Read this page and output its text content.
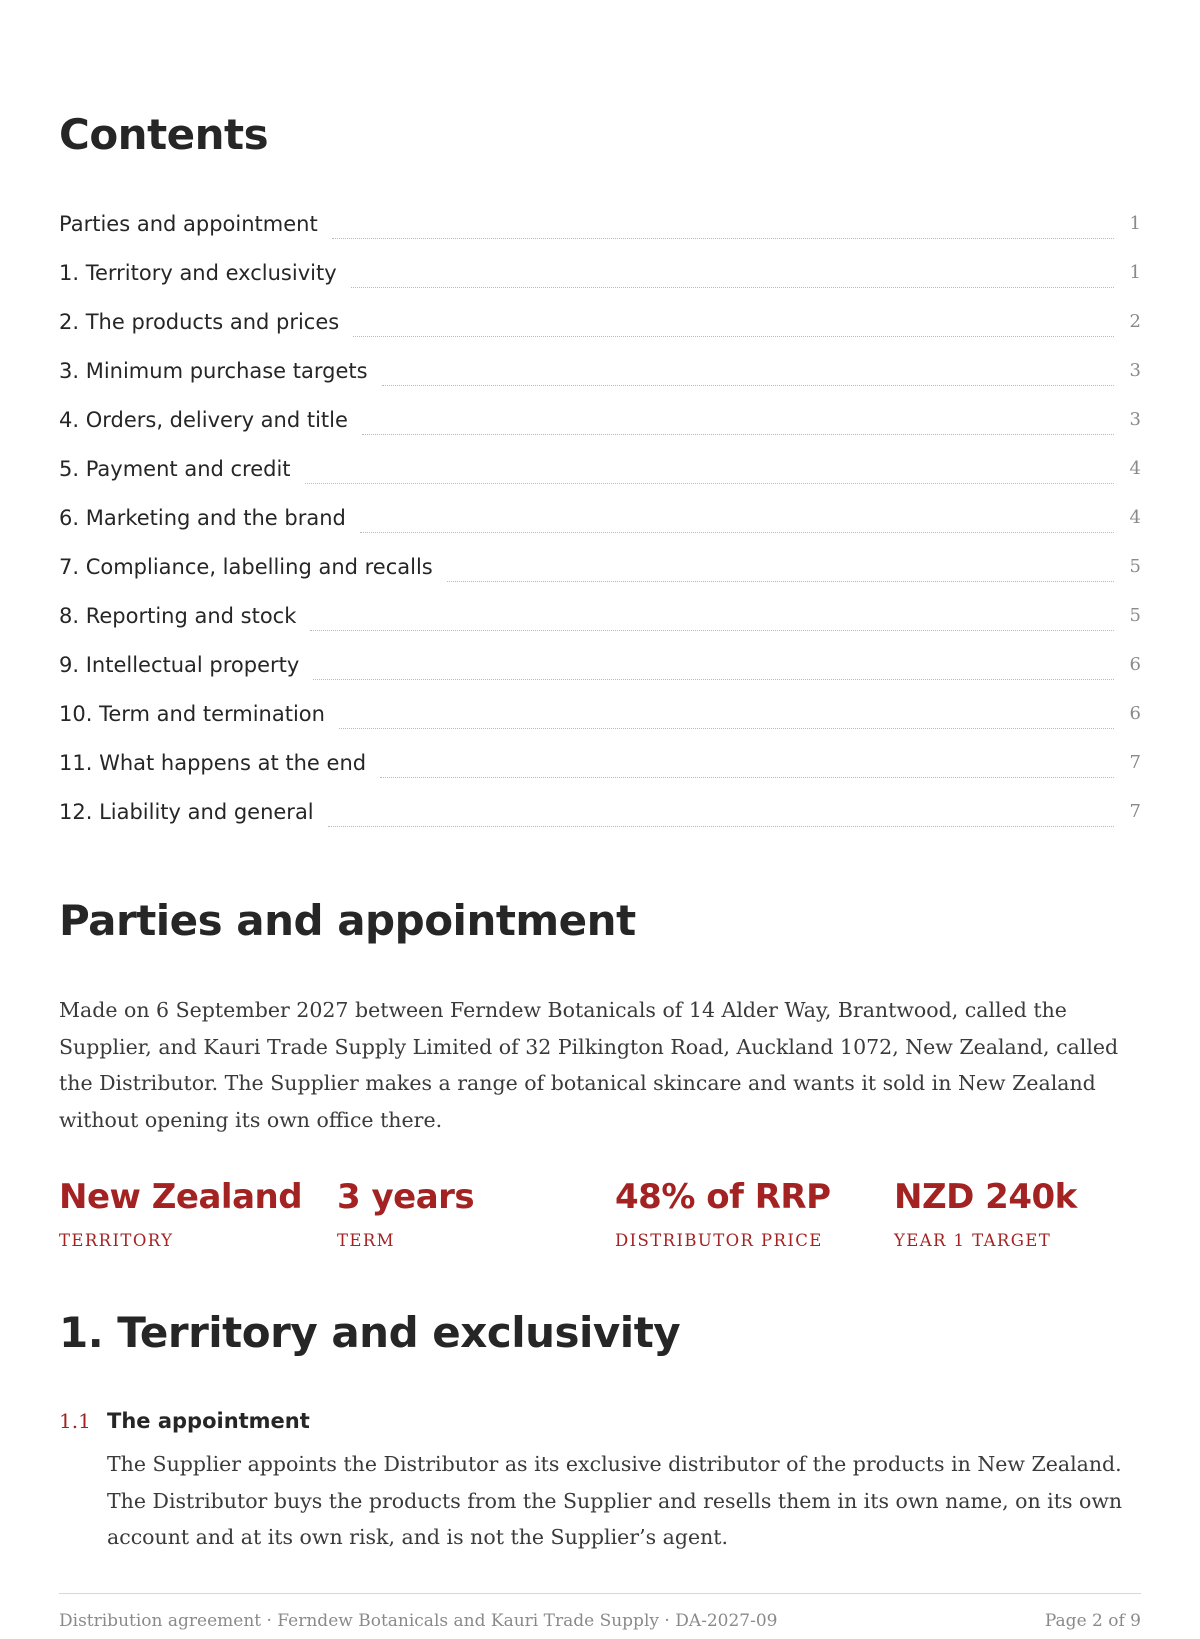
Contents
Parties and appointment	1
1. Territory and exclusivity	1
2. The products and prices	2
3. Minimum purchase targets	3
4. Orders, delivery and title	3
5. Payment and credit	4
6. Marketing and the brand	4
7. Compliance, labelling and recalls	5
8. Reporting and stock	5
9. Intellectual property	6
10. Term and termination	6
11. What happens at the end	7
12. Liability and general	7
Parties and appointment

Made on 6 September 2027 between Ferndew Botanicals of 14 Alder Way, Brantwood, called the Supplier, and Kauri Trade Supply Limited of 32 Pilkington Road, Auckland 1072, New Zealand, called the Distributor. The Supplier makes a range of botanical skincare and wants it sold in New Zealand without opening its own office there.

New Zealand
TERRITORY
3 years
TERM
48% of RRP
DISTRIBUTOR PRICE
NZD 240k
YEAR 1 TARGET
1. Territory and exclusivity
1.1 The appointment

The Supplier appoints the Distributor as its exclusive distributor of the products in New Zealand. The Distributor buys the products from the Supplier and resells them in its own name, on its own account and at its own risk, and is not the Supplier’s agent.

Distribution agreement · Ferndew Botanicals and Kauri Trade Supply · DA-2027-09	Page 2 of 9
